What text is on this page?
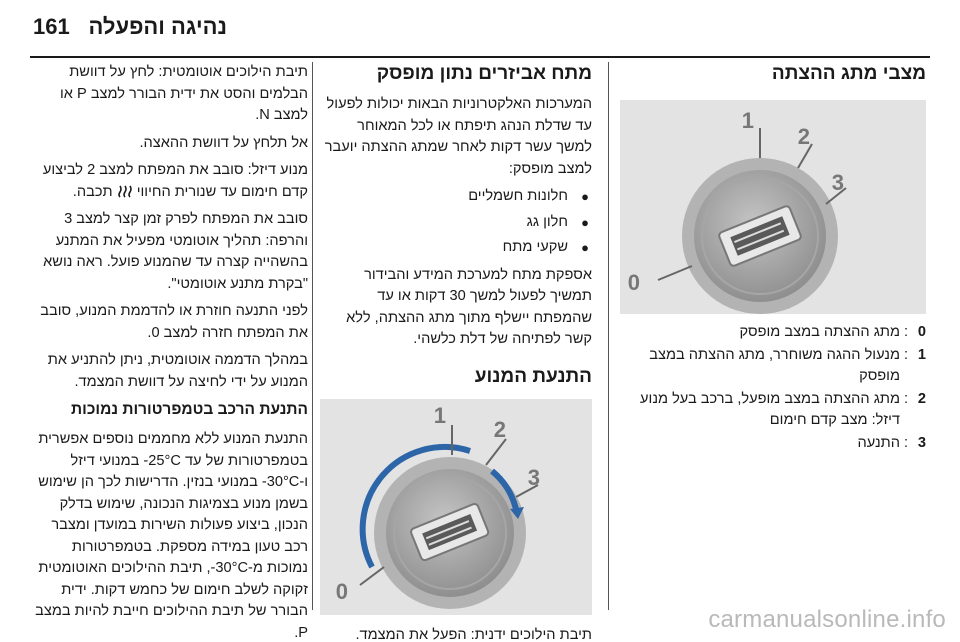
161 נהיגה והפעלה
מצבי מתג ההצתה
1
2
3
0
0
:
מתג ההצתה במצב מופסק
1
:
מנעול ההגה משוחרר, מתג ההצתה במצב מופסק
2
:
מתג ההצתה במצב מופעל, ברכב בעל מנוע דיזל: מצב קדם חימום
3
:
התנעה
מתח אביזרים נתון מופסק

המערכות האלקטרוניות הבאות יכולות לפעול עד שדלת הנהג תיפתח או לכל המאוחר למשך עשר דקות לאחר שמתג ההצתה יועבר למצב מופסק:

● חלונות חשמליים
● חלון גג
● שקעי מתח

אספקת מתח למערכת המידע והבידור תמשיך לפעול למשך 30 דקות או עד שהמפתח יישלף מתוך מתג ההצתה, ללא קשר לפתיחה של דלת כלשהי.

התנעת המנוע
1
2
3
0

תיבת הילוכים ידנית: הפעל את המצמד.

תיבת הילוכים אוטומטית: לחץ על דוושת הבלמים והסט את ידית הבורר למצב P או למצב N.

אל תלחץ על דוושת ההאצה.

מנוע דיזל: סובב את המפתח למצב 2 לביצוע קדם חימום עד שנורית החיווי  תכבה.

סובב את המפתח לפרק זמן קצר למצב 3 והרפה: תהליך אוטומטי מפעיל את המתנע בהשהייה קצרה עד שהמנוע פועל. ראה נושא "בקרת מתנע אוטומטי".

לפני התנעה חוזרת או להדממת המנוע, סובב את המפתח חזרה למצב 0.

במהלך הדממה אוטומטית, ניתן להתניע את המנוע על ידי לחיצה על דוושת המצמד.

התנעת הרכב בטמפרטורות נמוכות

התנעת המנוע ללא מחממים נוספים אפשרית בטמפרטורות של עד ‎-25°C במנועי דיזל ו-‎-30°C במנועי בנזין. הדרישות לכך הן שימוש בשמן מנוע בצמיגות הנכונה, שימוש בדלק הנכון, ביצוע פעולות השירות במועדן ומצבר רכב טעון במידה מספקת. בטמפרטורות נמוכות מ-‎-30°C, תיבת ההילוכים האוטומטית זקוקה לשלב חימום של כחמש דקות. ידית הבורר של תיבת ההילוכים חייבת להיות במצב P.	carmanualsonline.info
